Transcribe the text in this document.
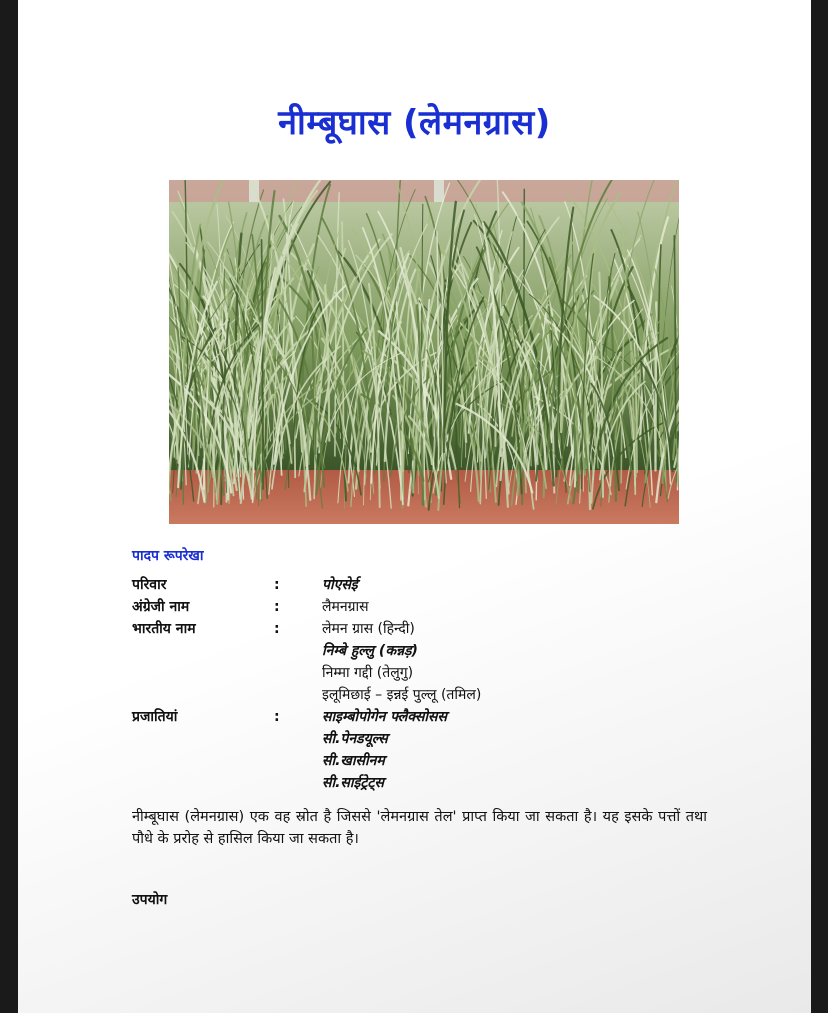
नीम्बूघास (लेमनग्रास)
पादप रूपरेखा
परिवार	:	पोएसेई
अंग्रेजी नाम	:	लैमनग्रास
भारतीय नाम	:	लेमन ग्रास (हिन्दी)
निम्बे हुल्लु (कन्नड़)
निम्मा गद्दी (तेलुगु)
इलूमिछाई – इन्नई पुल्लू (तमिल)
प्रजातियां	:	साइम्बोपोगेन फ्लैक्सोसस
सी.पेनडयूल्स
सी.खासीनम
सी.साईट्रेट्स
नीम्बूघास (लेमनग्रास) एक वह स्रोत है जिससे 'लेमनग्रास तेल' प्राप्त किया जा सकता है। यह इसके पत्तों तथा पौधे के प्ररोह से हासिल किया जा सकता है।
उपयोग
